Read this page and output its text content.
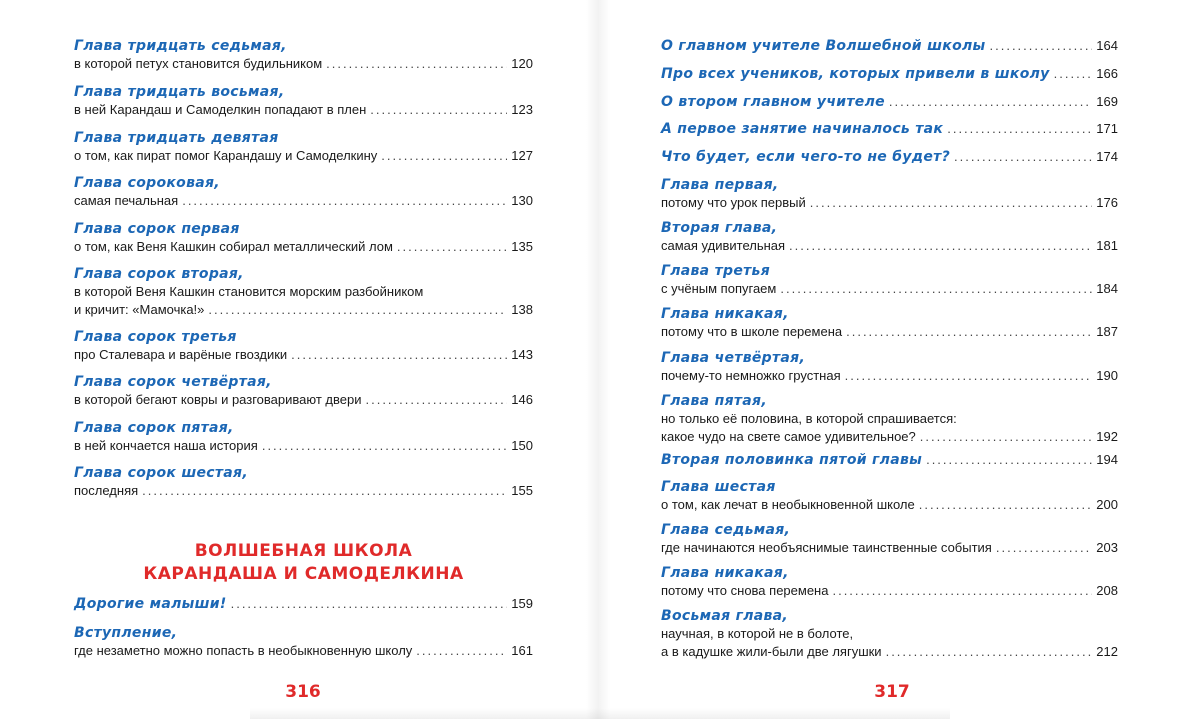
Глава тридцать седьмая,
в которой петух становится будильником .....	120
Глава тридцать восьмая,
в ней Карандаш и Самоделкин попадают в плен .....	123
Глава тридцать девятая
о том, как пират помог Карандашу и Самоделкину .....	127
Глава сороковая,
самая печальная .....	130
Глава сорок первая
о том, как Веня Кашкин собирал металлический лом .....	135
Глава сорок вторая,
в которой Веня Кашкин становится морским разбойником
и кричит: «Мамочка!» .....	138
Глава сорок третья
про Сталевара и варёные гвоздики .....	143
Глава сорок четвёртая,
в которой бегают ковры и разговаривают двери .....	146
Глава сорок пятая,
в ней кончается наша история .....	150
Глава сорок шестая,
последняя .....	155
ВОЛШЕБНАЯ ШКОЛА
КАРАНДАША И САМОДЕЛКИНА
Дорогие малыши! .....	159
Вступление,
где незаметно можно попасть в необыкновенную школу .....	161
316
О главном учителе Волшебной школы .....	164
Про всех учеников, которых привели в школу .....	166
О втором главном учителе .....	169
А первое занятие начиналось так .....	171
Что будет, если чего-то не будет? .....	174
Глава первая,
потому что урок первый .....	176
Вторая глава,
самая удивительная .....	181
Глава третья
с учёным попугаем .....	184
Глава никакая,
потому что в школе перемена .....	187
Глава четвёртая,
почему-то немножко грустная .....	190
Глава пятая,
но только её половина, в которой спрашивается:
какое чудо на свете самое удивительное? .....	192
Вторая половинка пятой главы .....	194
Глава шестая
о том, как лечат в необыкновенной школе .....	200
Глава седьмая,
где начинаются необъяснимые таинственные события .....	203
Глава никакая,
потому что снова перемена .....	208
Восьмая глава,
научная, в которой не в болоте,
а в кадушке жили-были две лягушки .....	212
317
